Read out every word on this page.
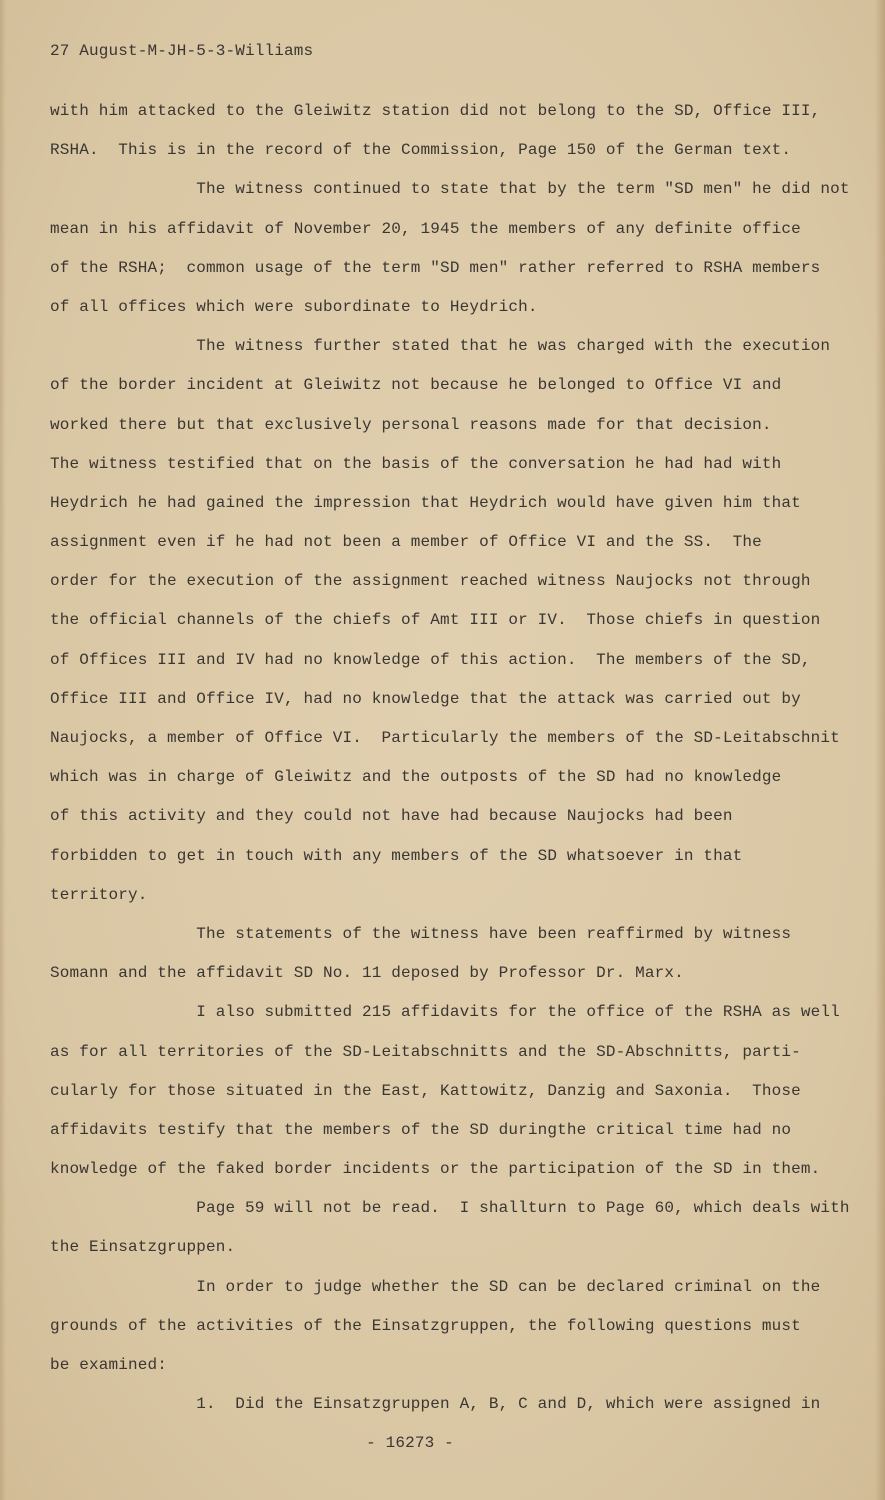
27 August-M-JH-5-3-Williams
with him attacked to the Gleiwitz station did not belong to the SD, Office III,
RSHA.  This is in the record of the Commission, Page 150 of the German text.
The witness continued to state that by the term "SD men" he did not
mean in his affidavit of November 20, 1945 the members of any definite office
of the RSHA;  common usage of the term "SD men" rather referred to RSHA members
of all offices which were subordinate to Heydrich.
The witness further stated that he was charged with the execution
of the border incident at Gleiwitz not because he belonged to Office VI and
worked there but that exclusively personal reasons made for that decision.
The witness testified that on the basis of the conversation he had had with
Heydrich he had gained the impression that Heydrich would have given him that
assignment even if he had not been a member of Office VI and the SS.  The
order for the execution of the assignment reached witness Naujocks not through
the official channels of the chiefs of Amt III or IV.  Those chiefs in question
of Offices III and IV had no knowledge of this action.  The members of the SD,
Office III and Office IV, had no knowledge that the attack was carried out by
Naujocks, a member of Office VI.  Particularly the members of the SD-Leitabschnit
which was in charge of Gleiwitz and the outposts of the SD had no knowledge
of this activity and they could not have had because Naujocks had been
forbidden to get in touch with any members of the SD whatsoever in that
territory.
The statements of the witness have been reaffirmed by witness
Somann and the affidavit SD No. 11 deposed by Professor Dr. Marx.
I also submitted 215 affidavits for the office of the RSHA as well
as for all territories of the SD-Leitabschnitts and the SD-Abschnitts, parti-
cularly for those situated in the East, Kattowitz, Danzig and Saxonia.  Those
affidavits testify that the members of the SD duringthe critical time had no
knowledge of the faked border incidents or the participation of the SD in them.
Page 59 will not be read.  I shallturn to Page 60, which deals with
the Einsatzgruppen.
In order to judge whether the SD can be declared criminal on the
grounds of the activities of the Einsatzgruppen, the following questions must
be examined:
1.  Did the Einsatzgruppen A, B, C and D, which were assigned in
- 16273 -
